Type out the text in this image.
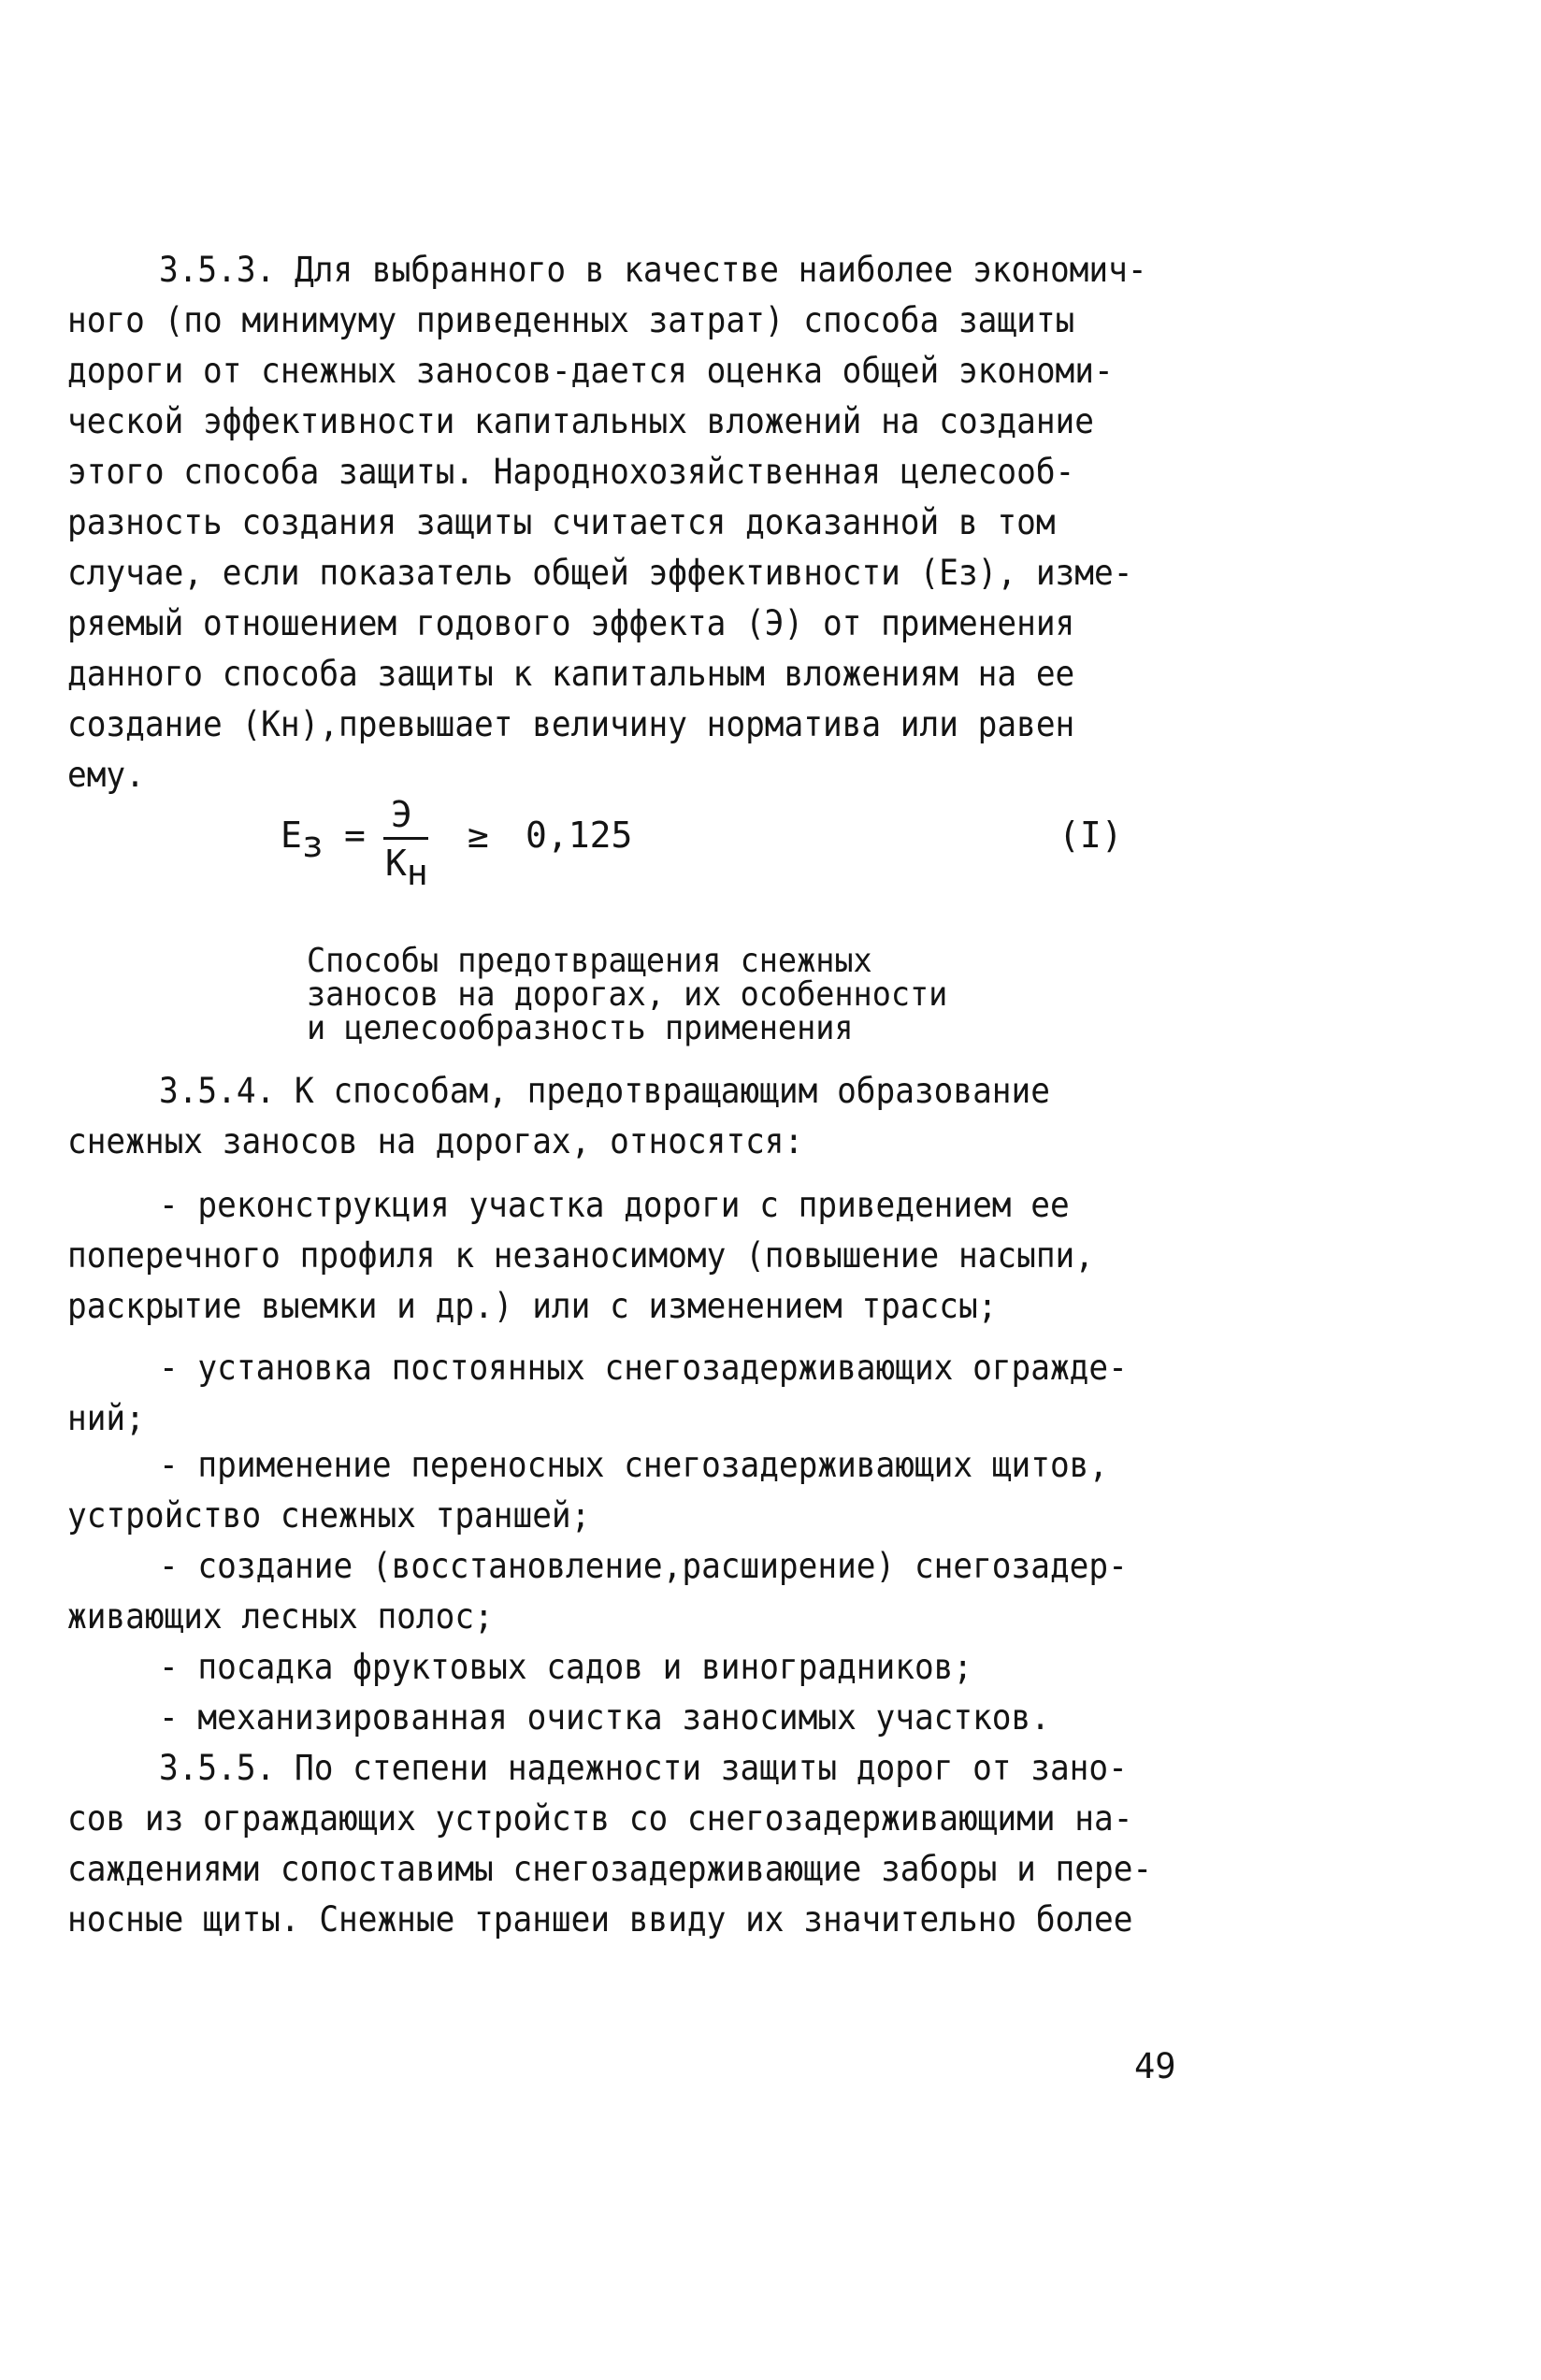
3.5.3. Для выбранного в качестве наиболее экономич-

ного (по минимуму приведенных затрат) способа защиты

дороги от снежных заносов-дается оценка общей экономи-

ческой эффективности капитальных вложений на создание

этого способа защиты. Народнохозяйственная целесооб-

разность создания защиты считается доказанной в том

случае, если показатель общей эффективности (Ез), изме-

ряемый отношением годового эффекта (Э) от применения

данного способа защиты к капитальным вложениям на ее

создание (Кн),превышает величину норматива или равен

ему.

Ез = Э
Кн
≥ 0,125	(I)

Способы предотвращения снежных

заносов на дорогах, их особенности

и целесообразность применения

3.5.4. К способам, предотвращающим образование

снежных заносов на дорогах, относятся:

- реконструкция участка дороги с приведением ее

поперечного профиля к незаносимому (повышение насыпи,

раскрытие выемки и др.) или с изменением трассы;

- установка постоянных снегозадерживающих огражде-

ний;

- применение переносных снегозадерживающих щитов,

устройство снежных траншей;

- создание (восстановление,расширение) снегозадер-

живающих лесных полос;

- посадка фруктовых садов и виноградников;

- механизированная очистка заносимых участков.

3.5.5. По степени надежности защиты дорог от зано-

сов из ограждающих устройств со снегозадерживающими на-

саждениями сопоставимы снегозадерживающие заборы и пере-

носные щиты. Снежные траншеи ввиду их значительно более

49
